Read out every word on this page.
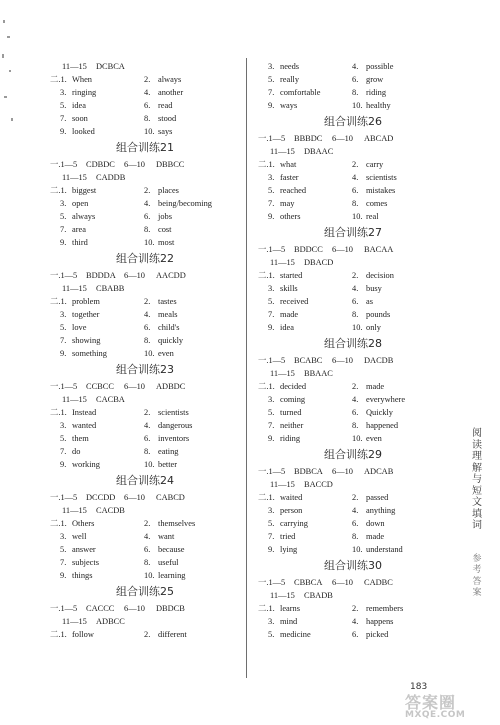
11—15 DCBCA
二.1. When	2. always
3. ringing	4. another
5. idea	6. read
7. soon	8. stood
9. looked	10. says
组合训练21
一.1—5 CDBDC 6—10 DBBCC
11—15 CADDB
二.1. biggest	2. places
3. open	4. being/becoming
5. always	6. jobs
7. area	8. cost
9. third	10. most
组合训练22
一.1—5 BDDDA 6—10 AACDD
11—15 CBABB
二.1. problem	2. tastes
3. together	4. meals
5. love	6. child's
7. showing	8. quickly
9. something	10. even
组合训练23
一.1—5 CCBCC 6—10 ADBDC
11—15 CACBA
二.1. Instead	2. scientists
3. wanted	4. dangerous
5. them	6. inventors
7. do	8. eating
9. working	10. better
组合训练24
一.1—5 DCCDD 6—10 CABCD
11—15 CACDB
二.1. Others	2. themselves
3. well	4. want
5. answer	6. because
7. subjects	8. useful
9. things	10. learning
组合训练25
一.1—5 CACCC 6—10 DBDCB
11—15 ADBCC
二.1. follow	2. different
3. needs	4. possible
5. really	6. grow
7. comfortable	8. riding
9. ways	10. healthy
组合训练26
一.1—5 BBBDC 6—10 ABCAD
11—15 DBAAC
二.1. what	2. carry
3. faster	4. scientists
5. reached	6. mistakes
7. may	8. comes
9. others	10. real
组合训练27
一.1—5 BDDCC 6—10 BACAA
11—15 DBACD
二.1. started	2. decision
3. skills	4. busy
5. received	6. as
7. made	8. pounds
9. idea	10. only
组合训练28
一.1—5 BCABC 6—10 DACDB
11—15 BBAAC
二.1. decided	2. made
3. coming	4. everywhere
5. turned	6. Quickly
7. neither	8. happened
9. riding	10. even
组合训练29
一.1—5 BDBCA 6—10 ADCAB
11—15 BACCD
二.1. waited	2. passed
3. person	4. anything
5. carrying	6. down
7. tried	8. made
9. lying	10. understand
组合训练30
一.1—5 CBBCA 6—10 CADBC
11—15 CBADB
二.1. learns	2. remembers
3. mind	4. happens
5. medicine	6. picked
阅
读
理
解
与
短
文
填
词
参
考
答
案
183
答案圈
MXQE.COM
